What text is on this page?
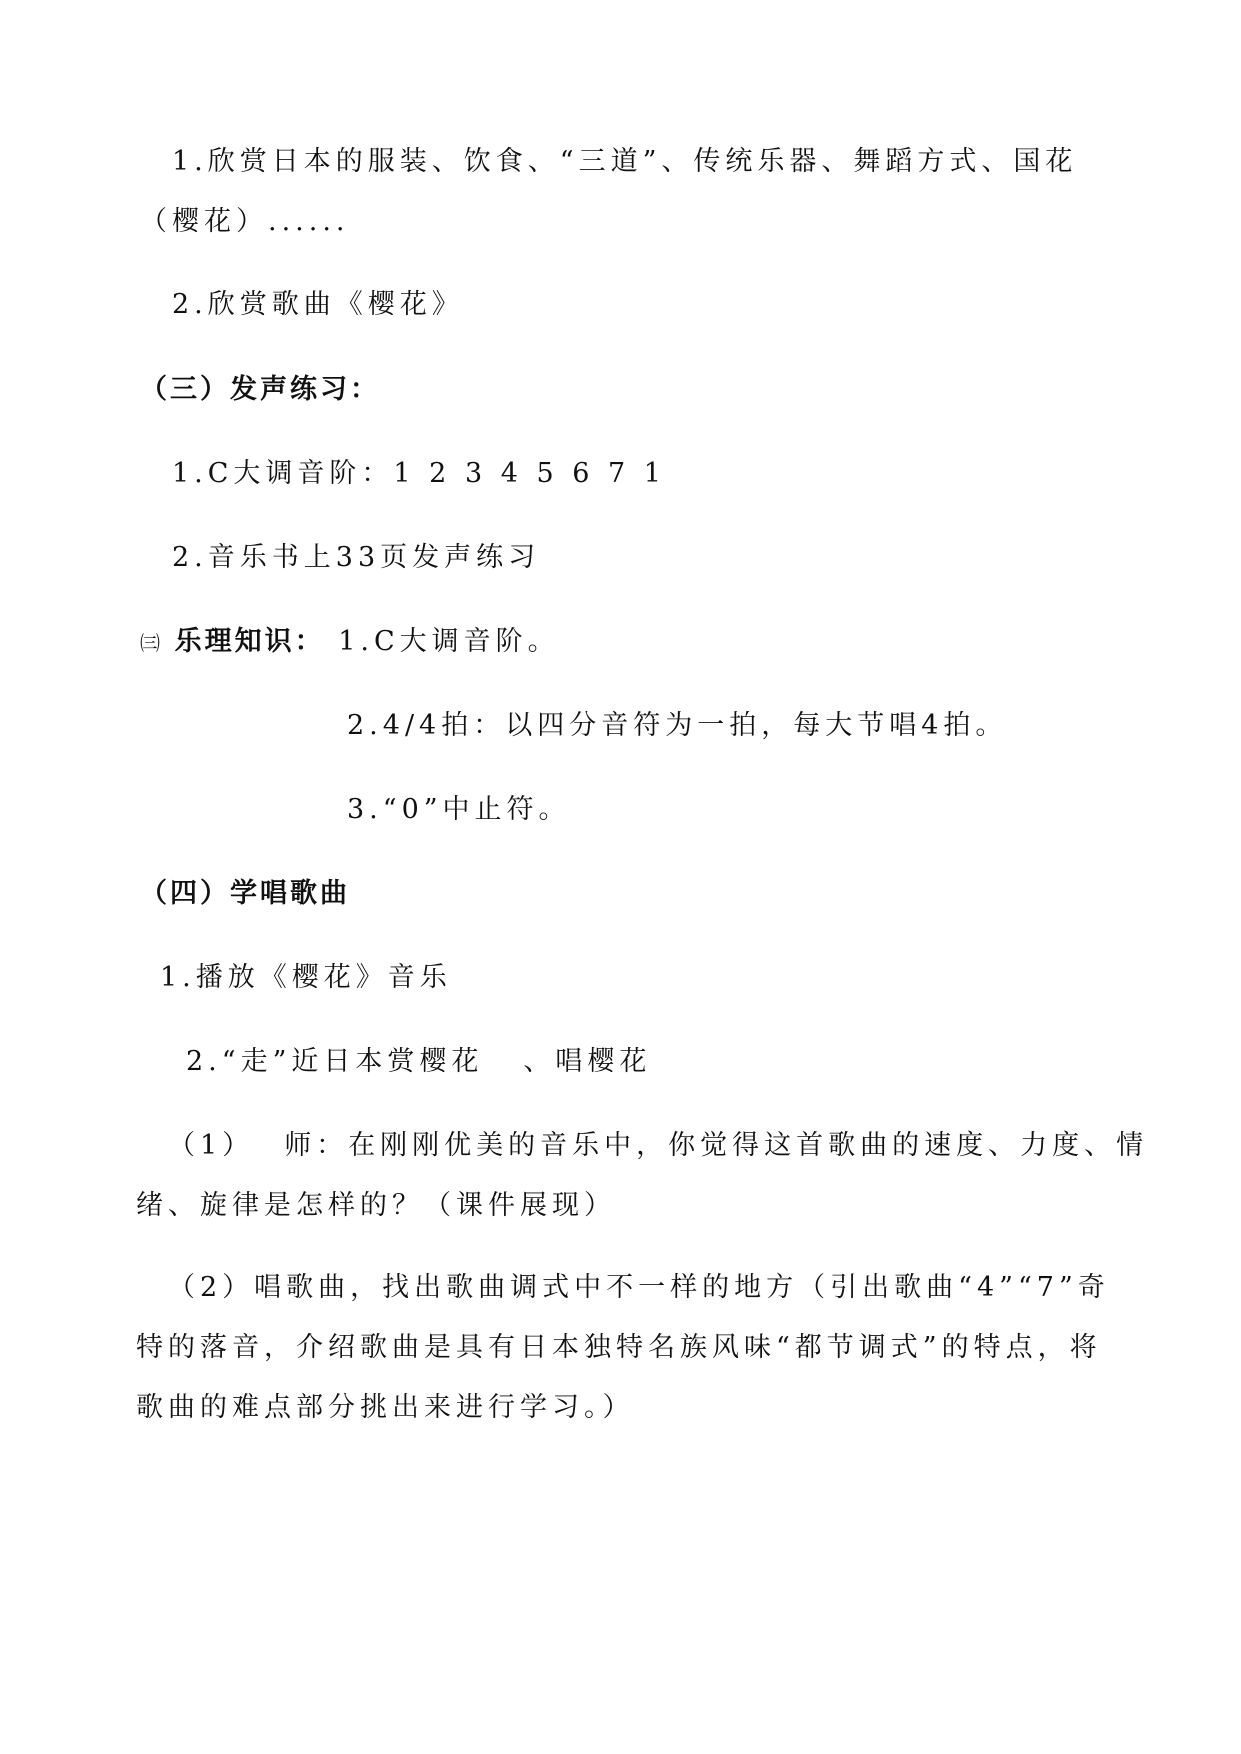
1.欣赏日本的服装、饮食、“三道”、传统乐器、舞蹈方式、国花
（樱花）......
2.欣赏歌曲《樱花》
（三）发声练习：
1.C大调音阶：1 2 3 4 5 6 7 1
2.音乐书上33页发声练习
㈢ 乐理知识： 1.C大调音阶。
2.4/4拍：以四分音符为一拍，每大节唱4拍。
3.“0”中止符。
（四）学唱歌曲
1.播放《樱花》音乐
2.“走”近日本赏樱花 、唱樱花
（1） 师：在刚刚优美的音乐中，你觉得这首歌曲的速度、力度、情
绪、旋律是怎样的？（课件展现）
（2）唱歌曲，找出歌曲调式中不一样的地方（引出歌曲“4”“7”奇
特的落音，介绍歌曲是具有日本独特名族风味“都节调式”的特点，将
歌曲的难点部分挑出来进行学习。）
